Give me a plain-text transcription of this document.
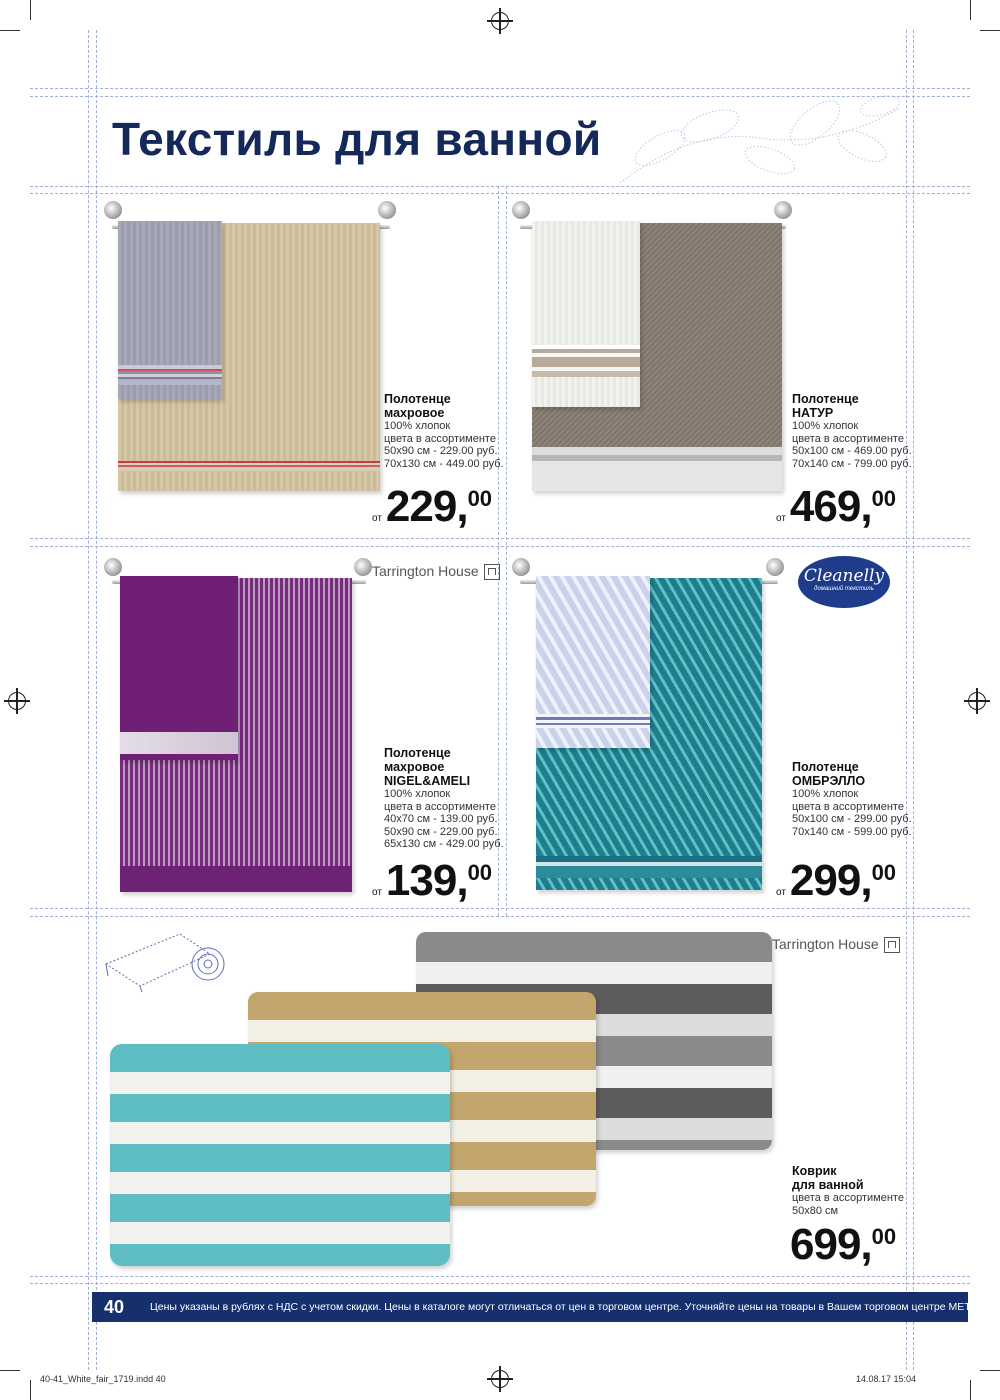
Текстиль для ванной
Полотенце
махровое
100% хлопок
цвета в ассортименте
50x90 см - 229.00 руб.
70x130 см - 449.00 руб.
от229,00
Полотенце
НАТУР
100% хлопок
цвета в ассортименте
50x100 см - 469.00 руб.
70x140 см - 799.00 руб.
от469,00
Tarrington House
Полотенце
махровое
NIGEL&AMELI
100% хлопок
цвета в ассортименте
40x70 см - 139.00 руб.
50x90 см - 229.00 руб.
65x130 см - 429.00 руб.
от139,00
Cleanelly
домашний текстиль
Полотенце
ОМБРЭЛЛО
100% хлопок
цвета в ассортименте
50x100 см - 299.00 руб.
70x140 см - 599.00 руб.
от299,00
Tarrington House
Коврик
для ванной
цвета в ассортименте
50x80 см
699,00
40	Цены указаны в рублях с НДС с учетом скидки. Цены в каталоге могут отличаться от цен в торговом центре. Уточняйте цены на товары в Вашем торговом центре METRO.
40-41_White_fair_1719.indd 40	14.08.17 15:04
